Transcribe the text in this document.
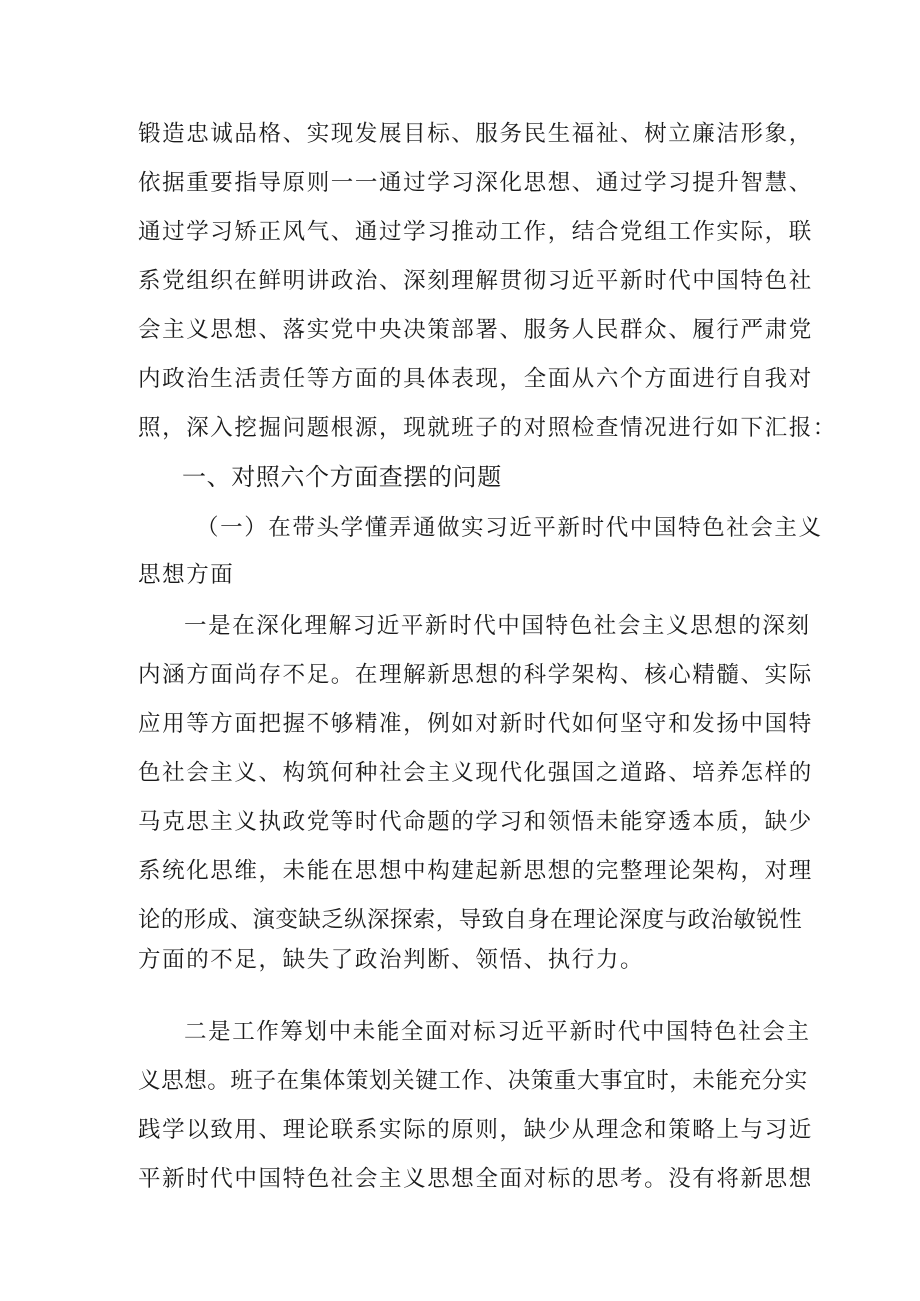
锻造忠诚品格、实现发展目标、服务民生福祉、树立廉洁形象，
依据重要指导原则一一通过学习深化思想、通过学习提升智慧、
通过学习矫正风气、通过学习推动工作，结合党组工作实际，联
系党组织在鲜明讲政治、深刻理解贯彻习近平新时代中国特色社
会主义思想、落实党中央决策部署、服务人民群众、履行严肃党
内政治生活责任等方面的具体表现，全面从六个方面进行自我对
照，深入挖掘问题根源，现就班子的对照检查情况进行如下汇报：
一、对照六个方面查摆的问题
（一）在带头学懂弄通做实习近平新时代中国特色社会主义
思想方面
一是在深化理解习近平新时代中国特色社会主义思想的深刻
内涵方面尚存不足。在理解新思想的科学架构、核心精髓、实际
应用等方面把握不够精准，例如对新时代如何坚守和发扬中国特
色社会主义、构筑何种社会主义现代化强国之道路、培养怎样的
马克思主义执政党等时代命题的学习和领悟未能穿透本质，缺少
系统化思维，未能在思想中构建起新思想的完整理论架构，对理
论的形成、演变缺乏纵深探索，导致自身在理论深度与政治敏锐性
方面的不足，缺失了政治判断、领悟、执行力。
二是工作筹划中未能全面对标习近平新时代中国特色社会主
义思想。班子在集体策划关键工作、决策重大事宜时，未能充分实
践学以致用、理论联系实际的原则，缺少从理念和策略上与习近
平新时代中国特色社会主义思想全面对标的思考。没有将新思想
